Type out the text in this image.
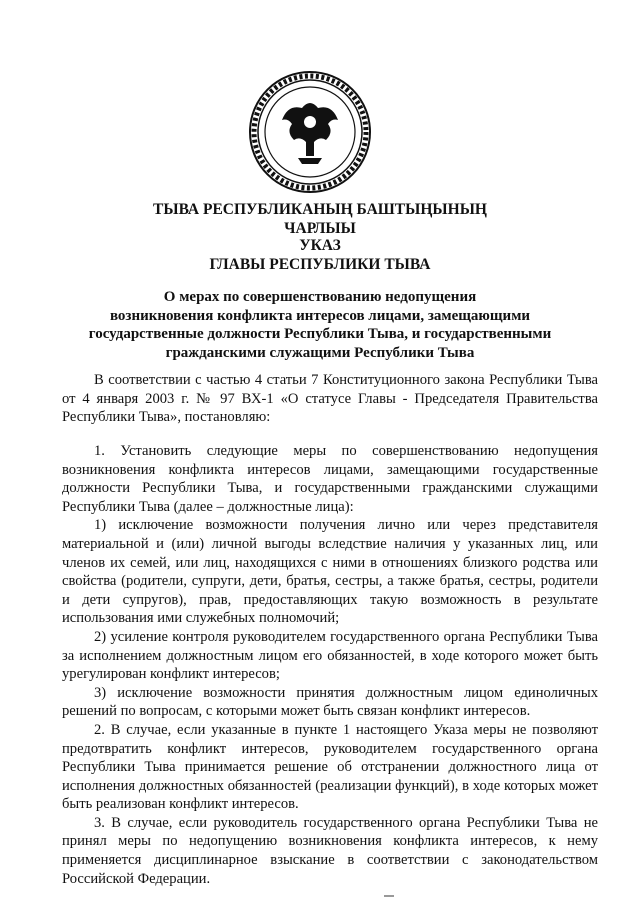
ТЫВА РЕСПУБЛИКАНЫҢ БАШТЫҢЫНЫҢ
ЧАРЛЫЫ
УКАЗ
ГЛАВЫ РЕСПУБЛИКИ ТЫВА
О мерах по совершенствованию недопущения
возникновения конфликта интересов лицами, замещающими
государственные должности Республики Тыва, и государственными
гражданскими служащими Республики Тыва

В соответствии с частью 4 статьи 7 Конституционного закона Республики Тыва от 4 января 2003 г. № 97 ВХ-1 «О статусе Главы - Председателя Правительства Республики Тыва», постановляю:

1. Установить следующие меры по совершенствованию недопущения возникновения конфликта интересов лицами, замещающими государственные должности Республики Тыва, и государственными гражданскими служащими Республики Тыва (далее – должностные лица):

1) исключение возможности получения лично или через представителя материальной и (или) личной выгоды вследствие наличия у указанных лиц, или членов их семей, или лиц, находящихся с ними в отношениях близкого родства или свойства (родители, супруги, дети, братья, сестры, а также братья, сестры, родители и дети супругов), прав, предоставляющих такую возможность в результате использования ими служебных полномочий;

2) усиление контроля руководителем государственного органа Республики Тыва за исполнением должностным лицом его обязанностей, в ходе которого может быть урегулирован конфликт интересов;

3) исключение возможности принятия должностным лицом единоличных решений по вопросам, с которыми может быть связан конфликт интересов.

2. В случае, если указанные в пункте 1 настоящего Указа меры не позволяют предотвратить конфликт интересов, руководителем государственного органа Республики Тыва принимается решение об отстранении должностного лица от исполнения должностных обязанностей (реализации функций), в ходе которых может быть реализован конфликт интересов.

3. В случае, если руководитель государственного органа Республики Тыва не принял меры по недопущению возникновения конфликта интересов, к нему применяется дисциплинарное взыскание в соответствии с законодательством Российской Федерации.
